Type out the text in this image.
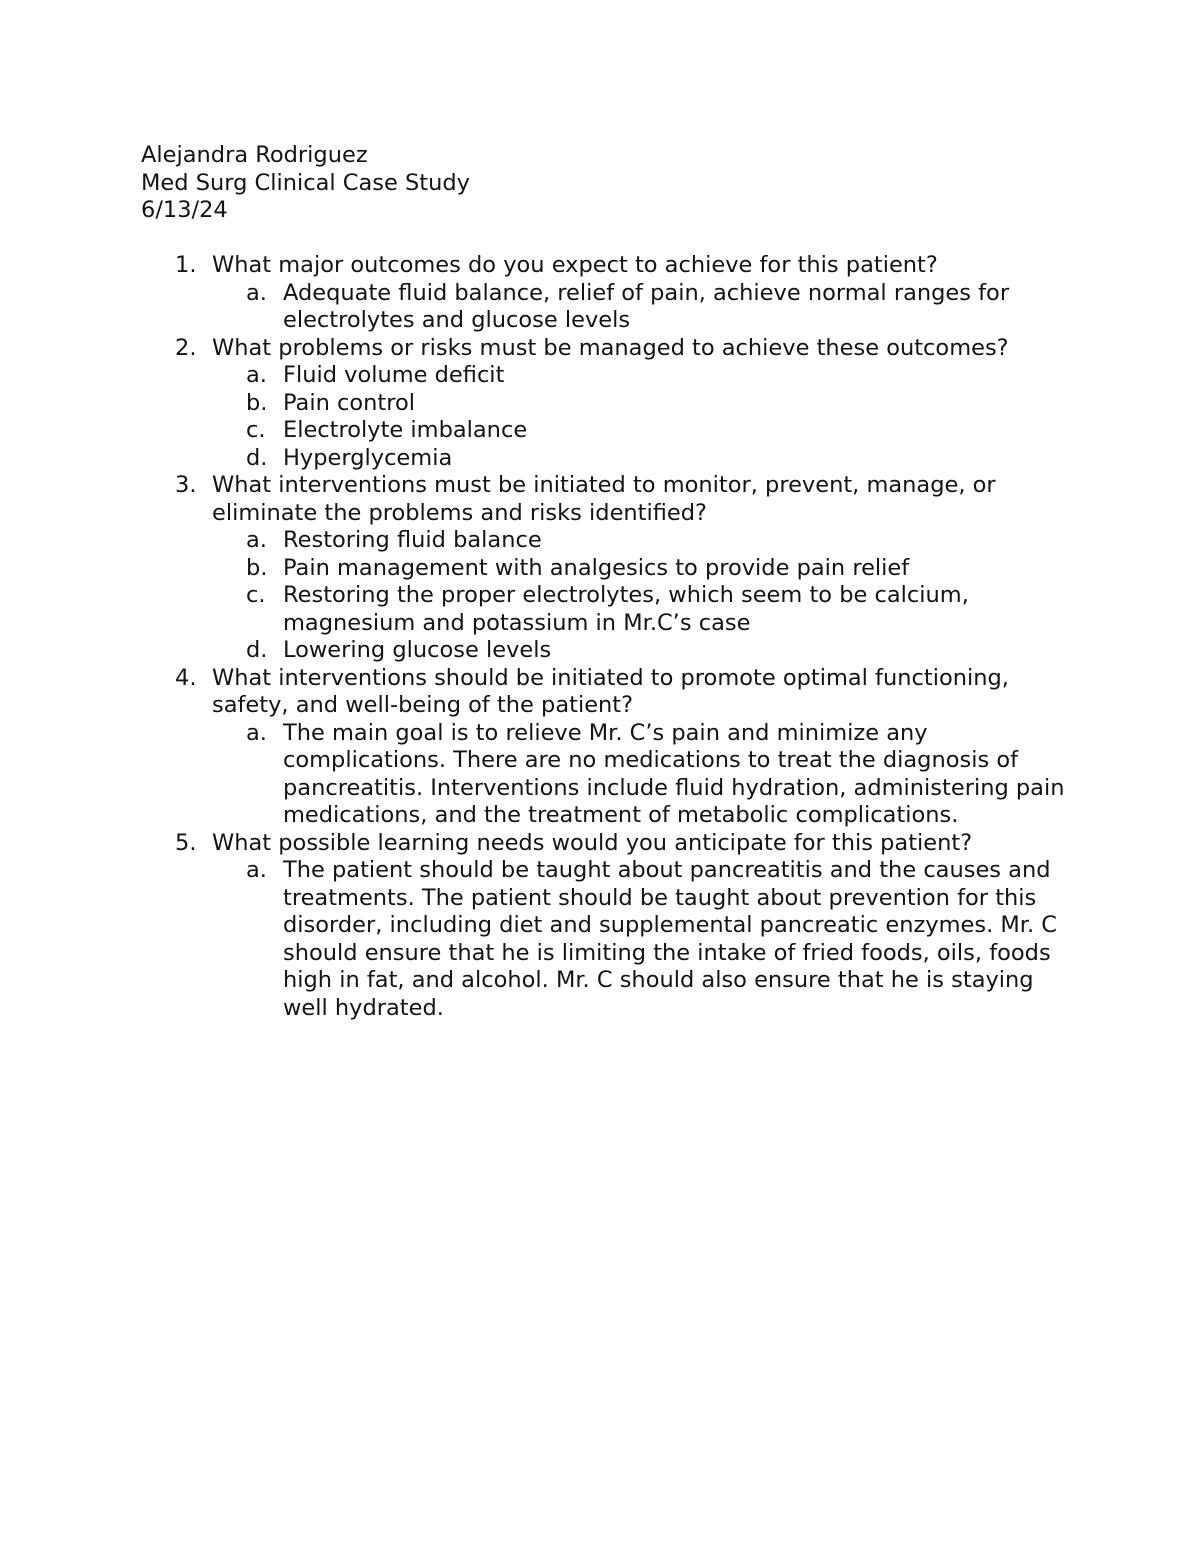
Alejandra Rodriguez
Med Surg Clinical Case Study
6/13/24
1. What major outcomes do you expect to achieve for this patient?
a. Adequate fluid balance, relief of pain, achieve normal ranges for electrolytes and glucose levels
2. What problems or risks must be managed to achieve these outcomes?
a. Fluid volume deficit
b. Pain control
c. Electrolyte imbalance
d. Hyperglycemia
3. What interventions must be initiated to monitor, prevent, manage, or eliminate the problems and risks identified?
a. Restoring fluid balance
b. Pain management with analgesics to provide pain relief
c. Restoring the proper electrolytes, which seem to be calcium, magnesium and potassium in Mr.C’s case
d. Lowering glucose levels
4. What interventions should be initiated to promote optimal functioning, safety, and well-being of the patient?
a. The main goal is to relieve Mr. C’s pain and minimize any complications. There are no medications to treat the diagnosis of pancreatitis. Interventions include fluid hydration, administering pain medications, and the treatment of metabolic complications.
5. What possible learning needs would you anticipate for this patient?
a. The patient should be taught about pancreatitis and the causes and treatments. The patient should be taught about prevention for this disorder, including diet and supplemental pancreatic enzymes. Mr. C should ensure that he is limiting the intake of fried foods, oils, foods high in fat, and alcohol. Mr. C should also ensure that he is staying well hydrated.
